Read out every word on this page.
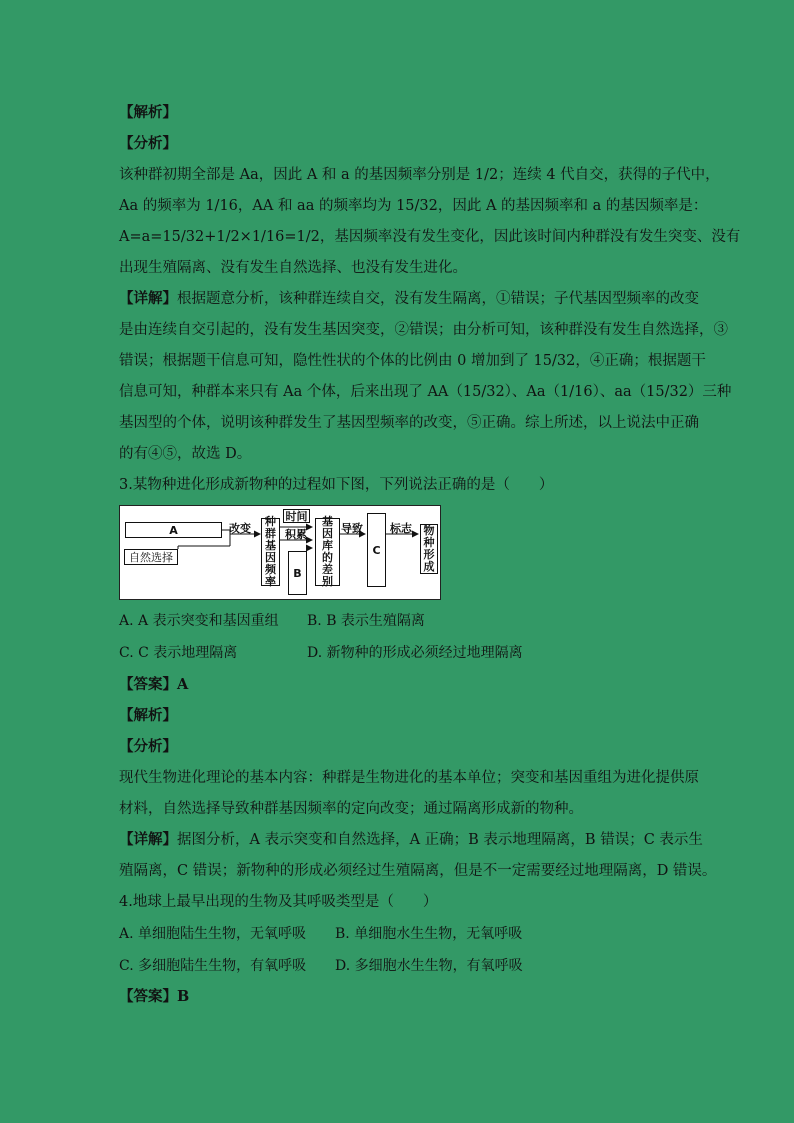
【解析】
【分析】
该种群初期全部是 Aa，因此 A 和 a 的基因频率分别是 1/2；连续 4 代自交，获得的子代中，
Aa 的频率为 1/16，AA 和 aa 的频率均为 15/32，因此 A 的基因频率和 a 的基因频率是：
A=a=15/32+1/2×1/16=1/2，基因频率没有发生变化，因此该时间内种群没有发生突变、没有
出现生殖隔离、没有发生自然选择、也没有发生进化。
【详解】根据题意分析，该种群连续自交，没有发生隔离，①错误；子代基因型频率的改变
是由连续自交引起的，没有发生基因突变，②错误；由分析可知，该种群没有发生自然选择，③
错误；根据题干信息可知，隐性性状的个体的比例由 0 增加到了 15/32，④正确；根据题干
信息可知，种群本来只有 Aa 个体，后来出现了 AA（15/32）、Aa（1/16）、aa（15/32）三种
基因型的个体，说明该种群发生了基因型频率的改变，⑤正确。综上所述，以上说法中正确
的有④⑤，故选 D。
3.某物种进化形成新物种的过程如下图，下列说法正确的是（　　）
A
自然选择
改变
种群基因频率
时间
积累
B
基因库的差别
导致
C
标志 物种形成
A. A 表示突变和基因重组 B. B 表示生殖隔离
C. C 表示地理隔离	D. 新物种的形成必须经过地理隔离
【答案】A
【解析】
【分析】
现代生物进化理论的基本内容：种群是生物进化的基本单位；突变和基因重组为进化提供原
材料，自然选择导致种群基因频率的定向改变；通过隔离形成新的物种。
【详解】据图分析，A 表示突变和自然选择，A 正确；B 表示地理隔离，B 错误；C 表示生
殖隔离，C 错误；新物种的形成必须经过生殖隔离，但是不一定需要经过地理隔离，D 错误。
4.地球上最早出现的生物及其呼吸类型是（　　）
A. 单细胞陆生生物，无氧呼吸 B. 单细胞水生生物，无氧呼吸
C. 多细胞陆生生物，有氧呼吸 D. 多细胞水生生物，有氧呼吸
【答案】B
